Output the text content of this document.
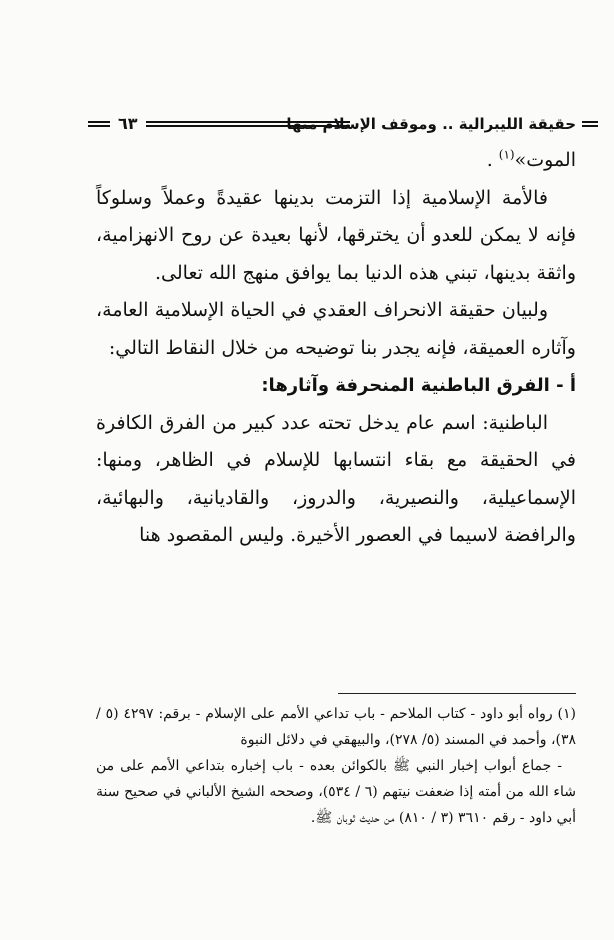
حقيقة الليبرالية .. وموقف الإسلام منها
٦٣

الموت»$^{(١)}$ .

فالأمة الإسلامية إذا التزمت بدينها عقيدةً وعملاً وسلوكاً فإنه لا يمكن للعدو أن يخترقها، لأنها بعيدة عن روح الانهزامية، واثقة بدينها، تبني هذه الدنيا بما يوافق منهج الله تعالى.

ولبيان حقيقة الانحراف العقدي في الحياة الإسلامية العامة، وآثاره العميقة، فإنه يجدر بنا توضيحه من خلال النقاط التالي:

أ - الفرق الباطنية المنحرفة وآثارها:

الباطنية: اسم عام يدخل تحته عدد كبير من الفرق الكافرة في الحقيقة مع بقاء انتسابها للإسلام في الظاهر، ومنها: الإسماعيلية، والنصيرية، والدروز، والقاديانية، والبهائية، والرافضة لاسيما في العصور الأخيرة. وليس المقصود هنا

(١) رواه أبو داود - كتاب الملاحم - باب تداعي الأمم على الإسلام - برقم: ٤٢٩٧ (٥ / ٣٨)، وأحمد في المسند (٥/ ٢٧٨)، والبيهقي في دلائل النبوة

- جماع أبواب إخبار النبي ﷺ بالكوائن بعده - باب إخباره بتداعي الأمم على من شاء الله من أمته إذا ضعفت نيتهم (٦ / ٥٣٤)، وصححه الشيخ الألباني في صحيح سنة أبي داود - رقم ٣٦١٠ (٣ / ٨١٠) من حديث ثوبان ﷺ.
